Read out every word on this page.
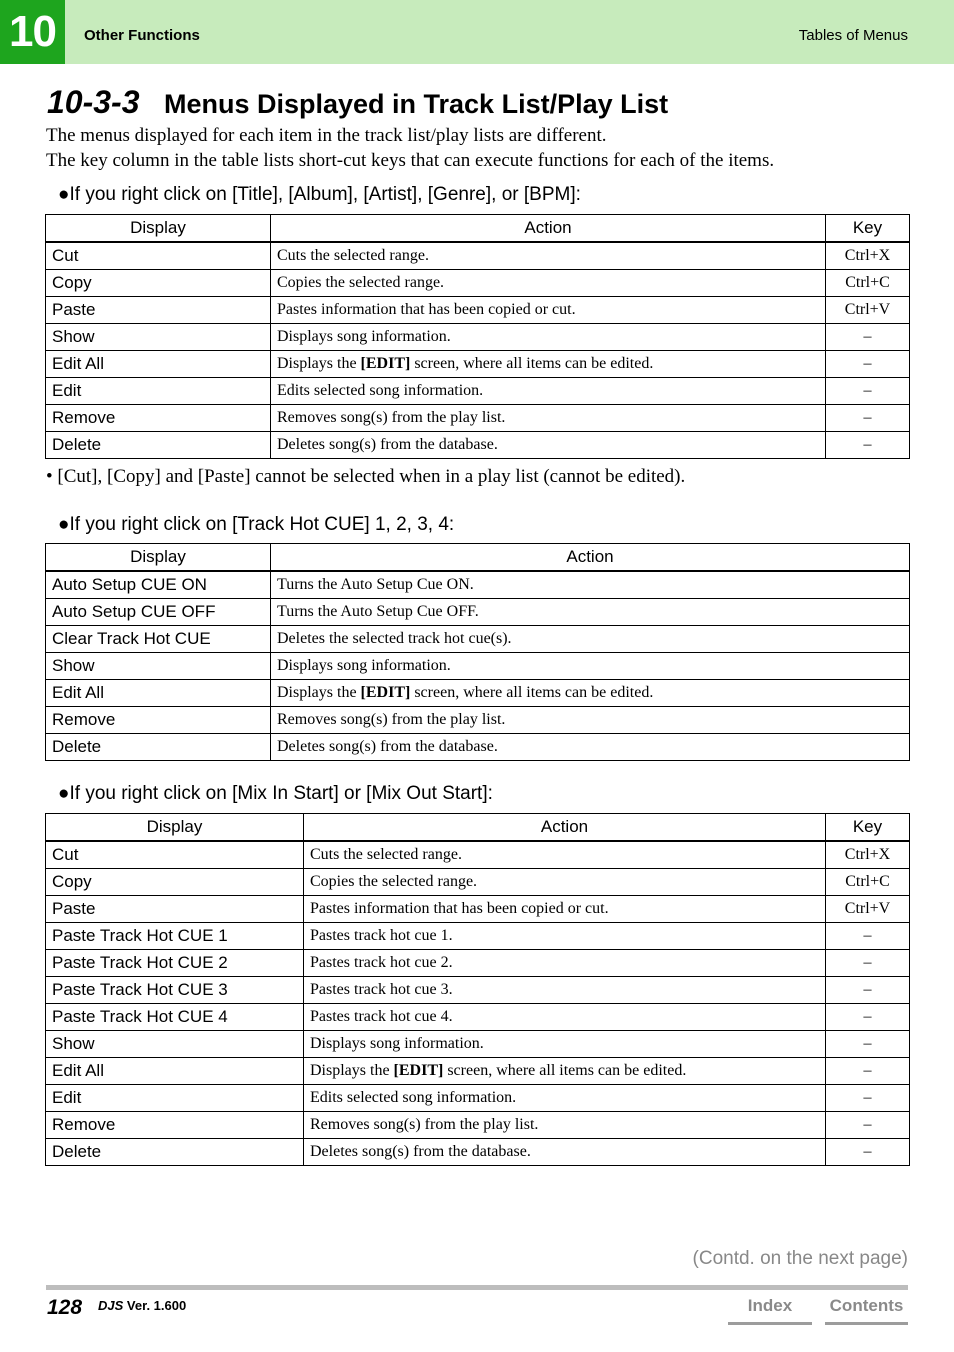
10	Other Functions	Tables of Menus
10-3-3 Menus Displayed in Track List/Play List

The menus displayed for each item in the track list/play lists are different.

The key column in the table lists short-cut keys that can execute functions for each of the items.

●If you right click on [Title], [Album], [Artist], [Genre], or [BPM]:
Display	Action	Key
Cut	Cuts the selected range.	Ctrl+X
Copy	Copies the selected range.	Ctrl+C
Paste	Pastes information that has been copied or cut.	Ctrl+V
Show	Displays song information.	–
Edit All	Displays the [EDIT] screen, where all items can be edited.	–
Edit	Edits selected song information.	–
Remove	Removes song(s) from the play list.	–
Delete	Deletes song(s) from the database.	–
• [Cut], [Copy] and [Paste] cannot be selected when in a play list (cannot be edited).
●If you right click on [Track Hot CUE] 1, 2, 3, 4:
Display	Action
Auto Setup CUE ON	Turns the Auto Setup Cue ON.
Auto Setup CUE OFF	Turns the Auto Setup Cue OFF.
Clear Track Hot CUE	Deletes the selected track hot cue(s).
Show	Displays song information.
Edit All	Displays the [EDIT] screen, where all items can be edited.
Remove	Removes song(s) from the play list.
Delete	Deletes song(s) from the database.
●If you right click on [Mix In Start] or [Mix Out Start]:
Display	Action	Key
Cut	Cuts the selected range.	Ctrl+X
Copy	Copies the selected range.	Ctrl+C
Paste	Pastes information that has been copied or cut.	Ctrl+V
Paste Track Hot CUE 1	Pastes track hot cue 1.	–
Paste Track Hot CUE 2	Pastes track hot cue 2.	–
Paste Track Hot CUE 3	Pastes track hot cue 3.	–
Paste Track Hot CUE 4	Pastes track hot cue 4.	–
Show	Displays song information.	–
Edit All	Displays the [EDIT] screen, where all items can be edited.	–
Edit	Edits selected song information.	–
Remove	Removes song(s) from the play list.	–
Delete	Deletes song(s) from the database.	–
(Contd. on the next page)
128 DJS Ver. 1.600	Index	Contents
